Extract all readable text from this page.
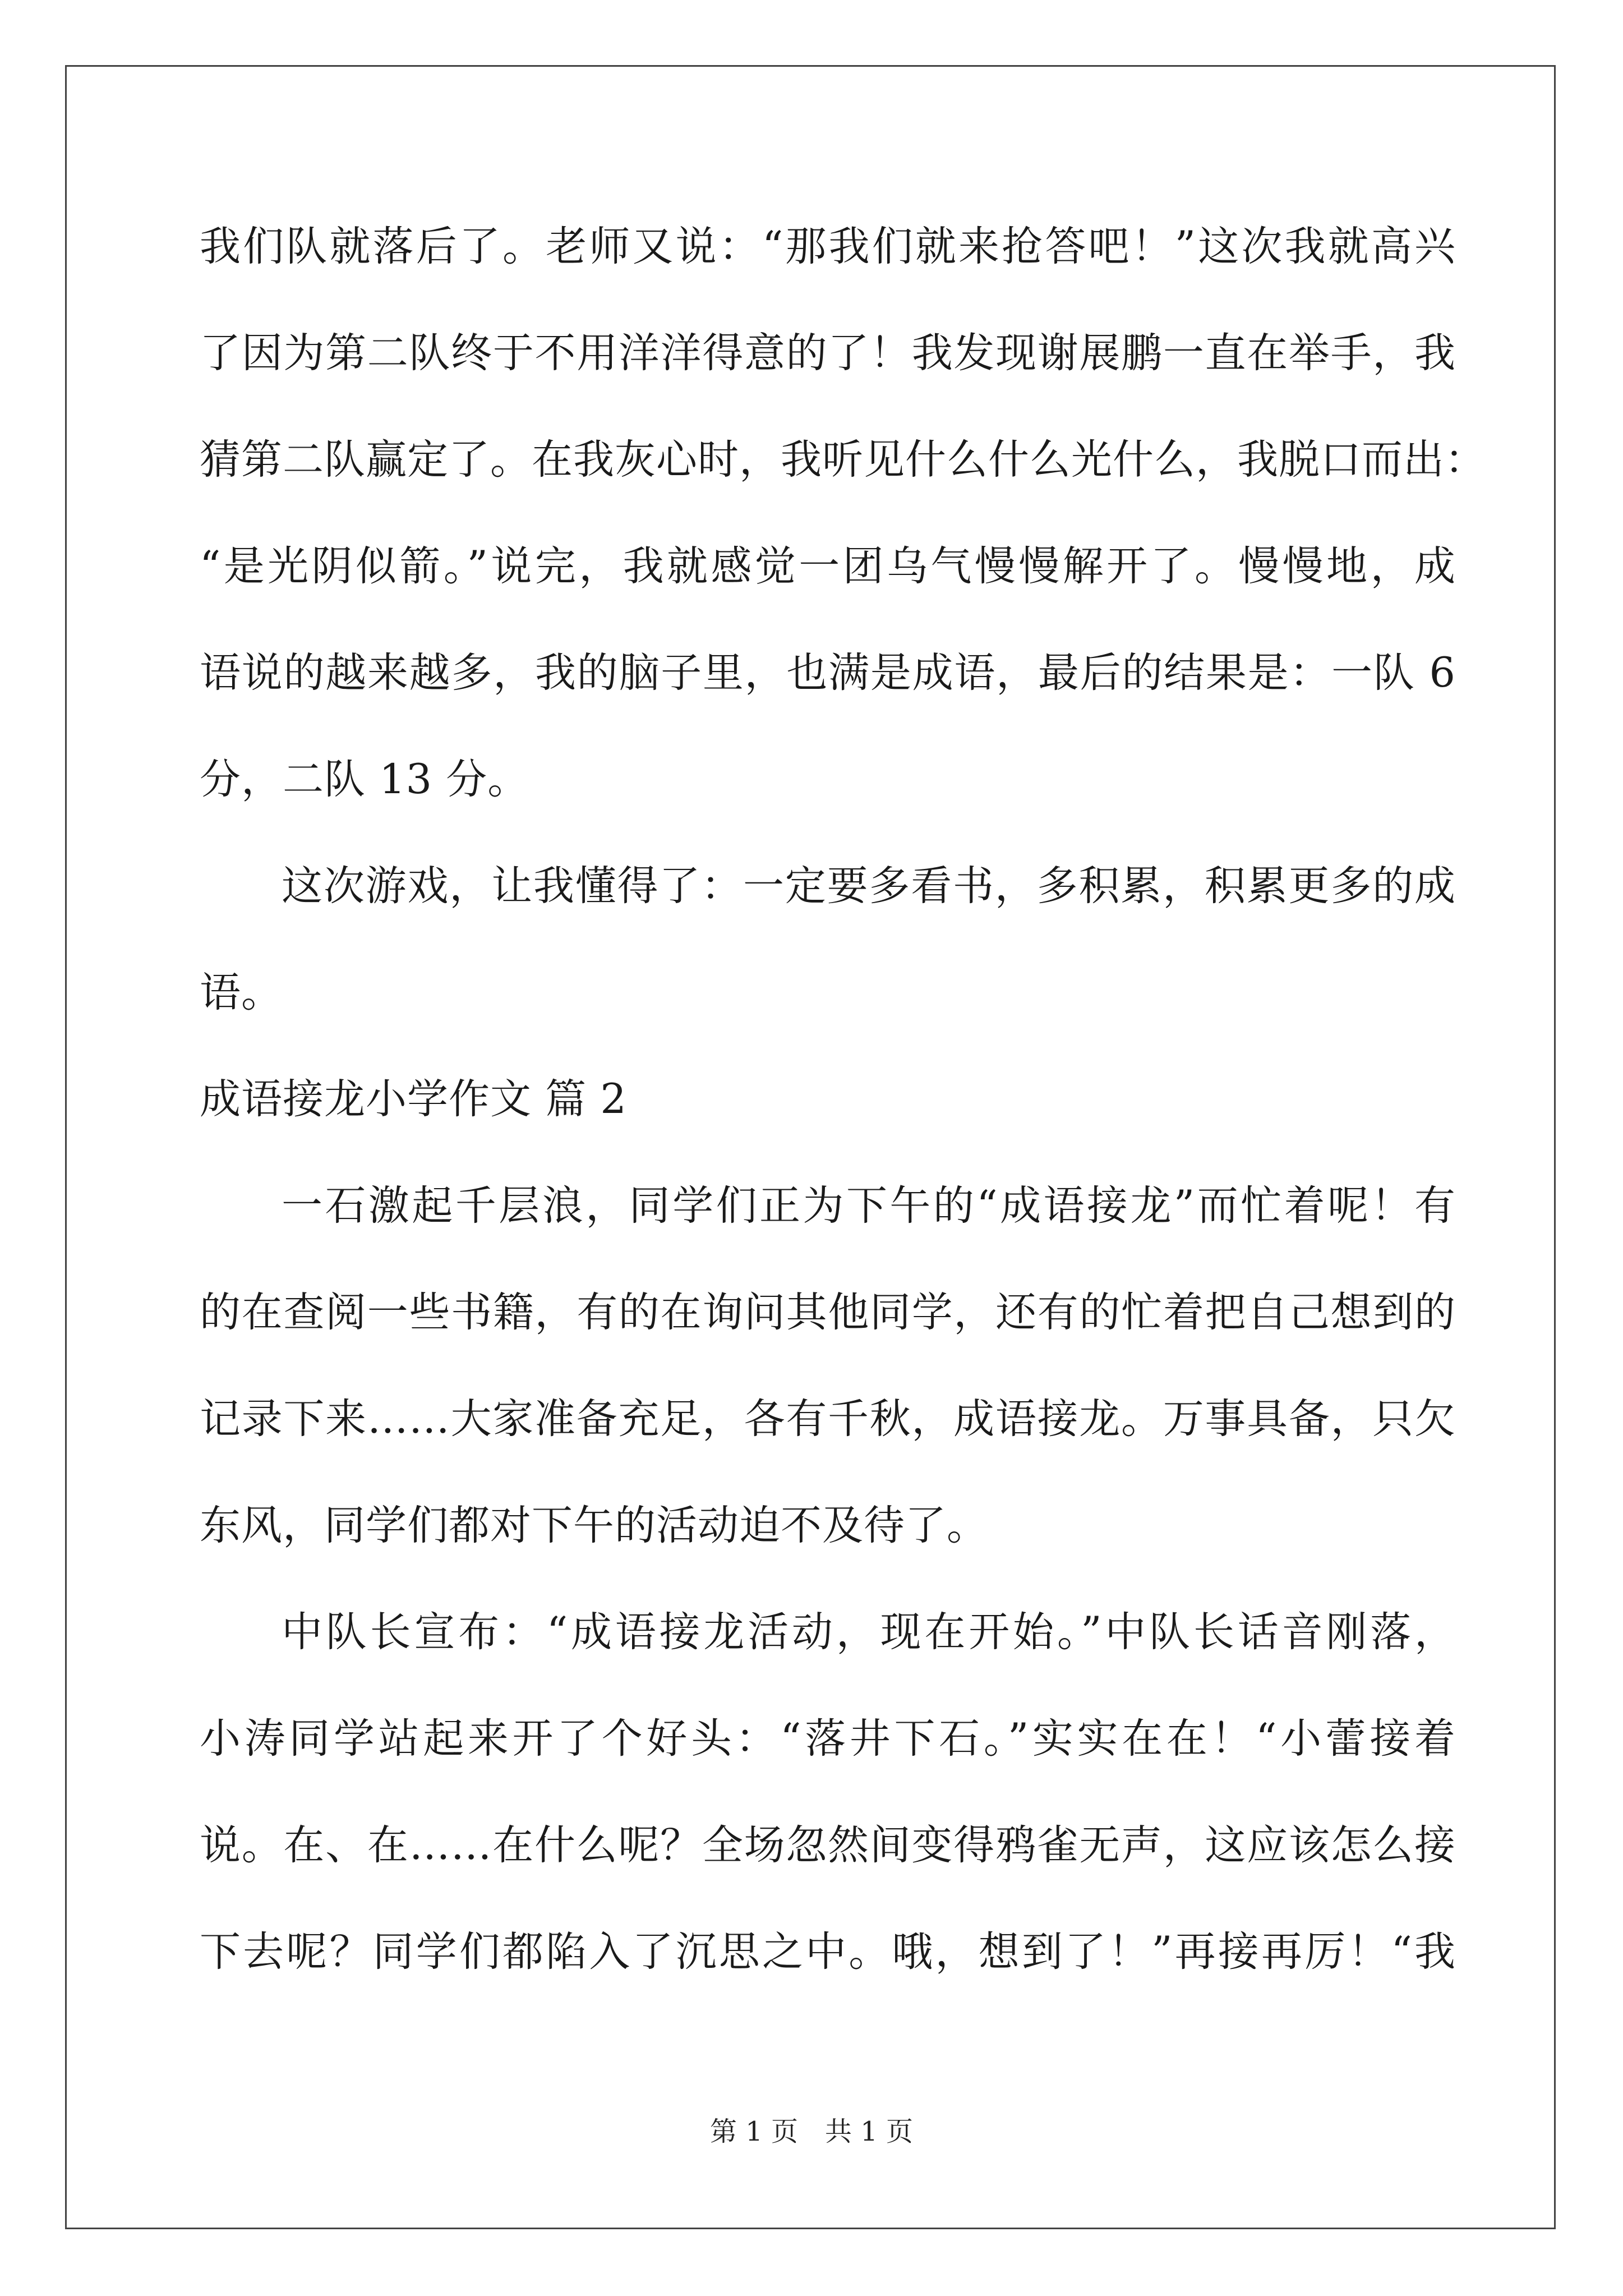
我们队就落后了。老师又说：“那我们就来抢答吧！”这次我就高兴
了因为第二队终于不用洋洋得意的了！我发现谢展鹏一直在举手，我
猜第二队赢定了。在我灰心时，我听见什么什么光什么，我脱口而出：
“是光阴似箭。”说完，我就感觉一团乌气慢慢解开了。慢慢地，成
语说的越来越多，我的脑子里，也满是成语，最后的结果是：一队 6
分，二队 13 分。
这次游戏，让我懂得了：一定要多看书，多积累，积累更多的成
语。
成语接龙小学作文 篇 2
一石激起千层浪，同学们正为下午的“成语接龙”而忙着呢！有
的在查阅一些书籍，有的在询问其他同学，还有的忙着把自己想到的
记录下来……大家准备充足，各有千秋，成语接龙。万事具备，只欠
东风，同学们都对下午的活动迫不及待了。
中队长宣布：“成语接龙活动，现在开始。”中队长话音刚落，
小涛同学站起来开了个好头：“落井下石。”实实在在！“小蕾接着
说。在、在……在什么呢？全场忽然间变得鸦雀无声，这应该怎么接
下去呢？同学们都陷入了沉思之中。哦，想到了！”再接再厉！“我
第 1 页　共 1 页
